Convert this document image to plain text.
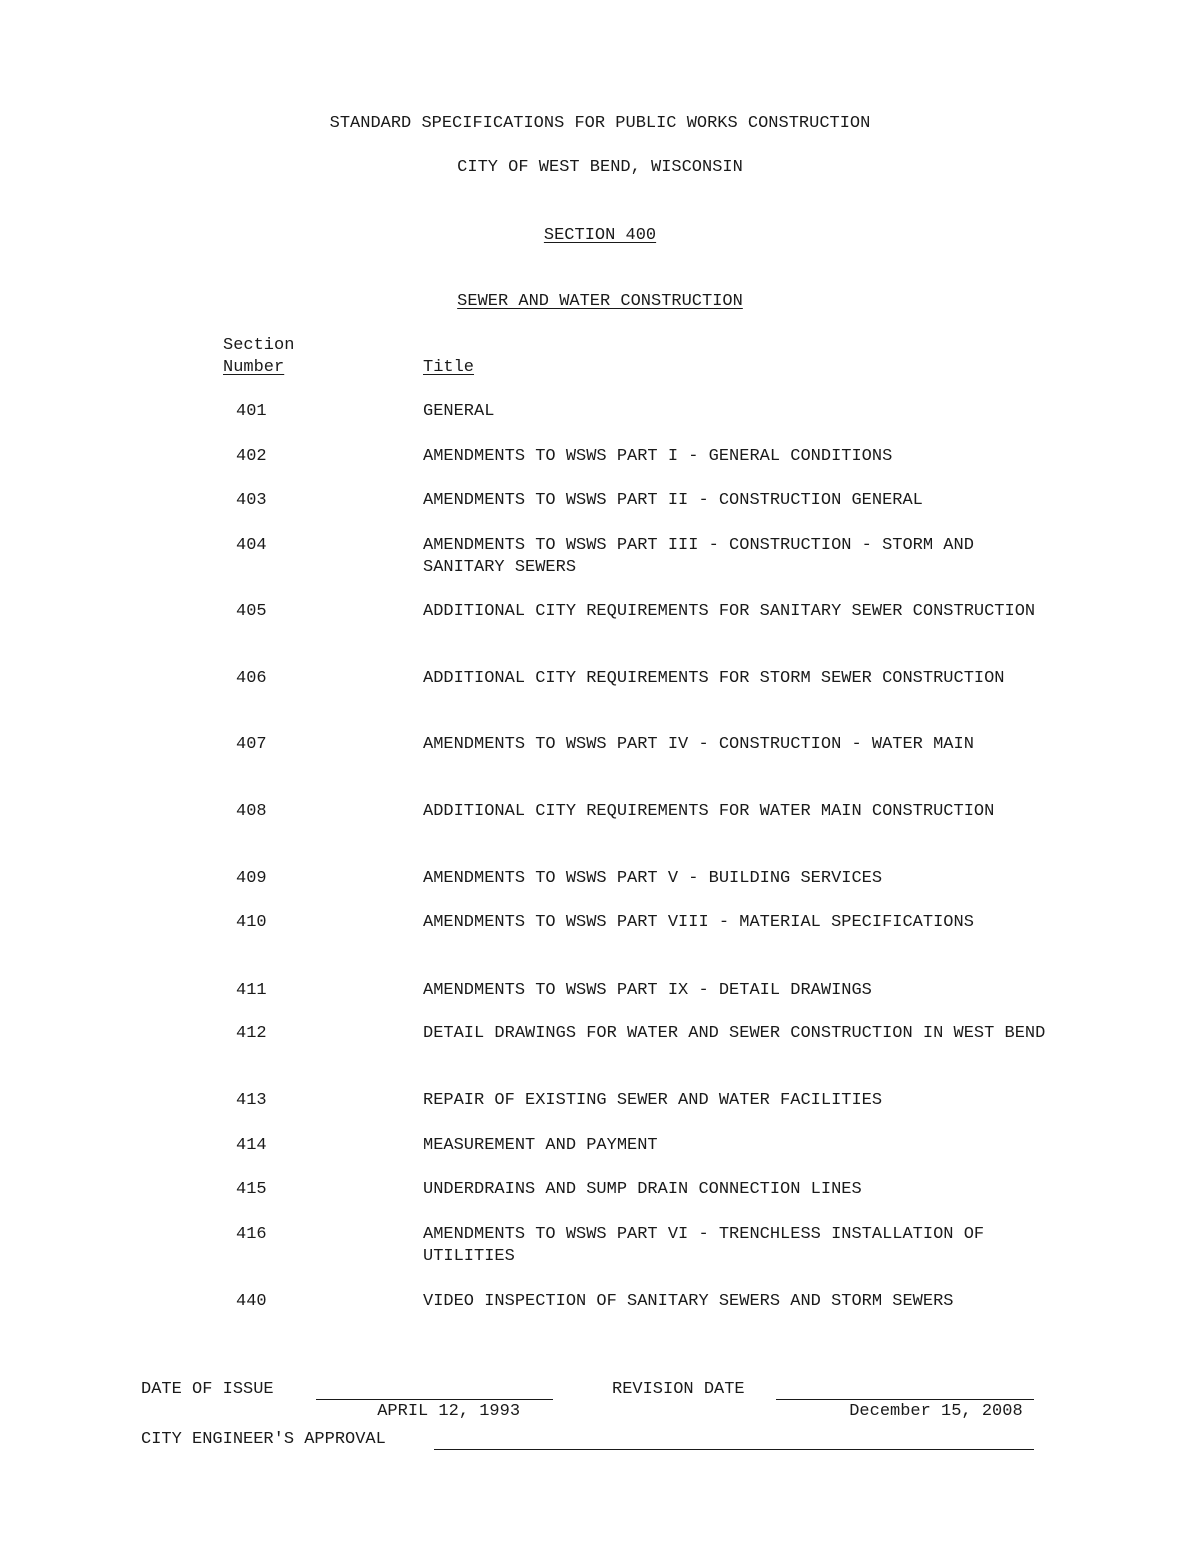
STANDARD SPECIFICATIONS FOR PUBLIC WORKS CONSTRUCTION
CITY OF WEST BEND, WISCONSIN
SECTION 400
SEWER AND WATER CONSTRUCTION
Section
Number	Title
401	GENERAL
402	AMENDMENTS TO WSWS PART I - GENERAL CONDITIONS
403	AMENDMENTS TO WSWS PART II - CONSTRUCTION GENERAL
404	AMENDMENTS TO WSWS PART III - CONSTRUCTION - STORM AND SANITARY SEWERS
405	ADDITIONAL CITY REQUIREMENTS FOR SANITARY SEWER CONSTRUCTION
406	ADDITIONAL CITY REQUIREMENTS FOR STORM SEWER CONSTRUCTION
407	AMENDMENTS TO WSWS PART IV - CONSTRUCTION - WATER MAIN
408	ADDITIONAL CITY REQUIREMENTS FOR WATER MAIN CONSTRUCTION
409	AMENDMENTS TO WSWS PART V - BUILDING SERVICES
410	AMENDMENTS TO WSWS PART VIII - MATERIAL SPECIFICATIONS
411	AMENDMENTS TO WSWS PART IX - DETAIL DRAWINGS
412	DETAIL DRAWINGS FOR WATER AND SEWER CONSTRUCTION IN WEST BEND
413	REPAIR OF EXISTING SEWER AND WATER FACILITIES
414	MEASUREMENT AND PAYMENT
415	UNDERDRAINS AND SUMP DRAIN CONNECTION LINES
416	AMENDMENTS TO WSWS PART VI - TRENCHLESS INSTALLATION OF UTILITIES
440	VIDEO INSPECTION OF SANITARY SEWERS AND STORM SEWERS
DATE OF ISSUE

APRIL 12, 1993

REVISION DATE

December 15, 2008

CITY ENGINEER'S APPROVAL
